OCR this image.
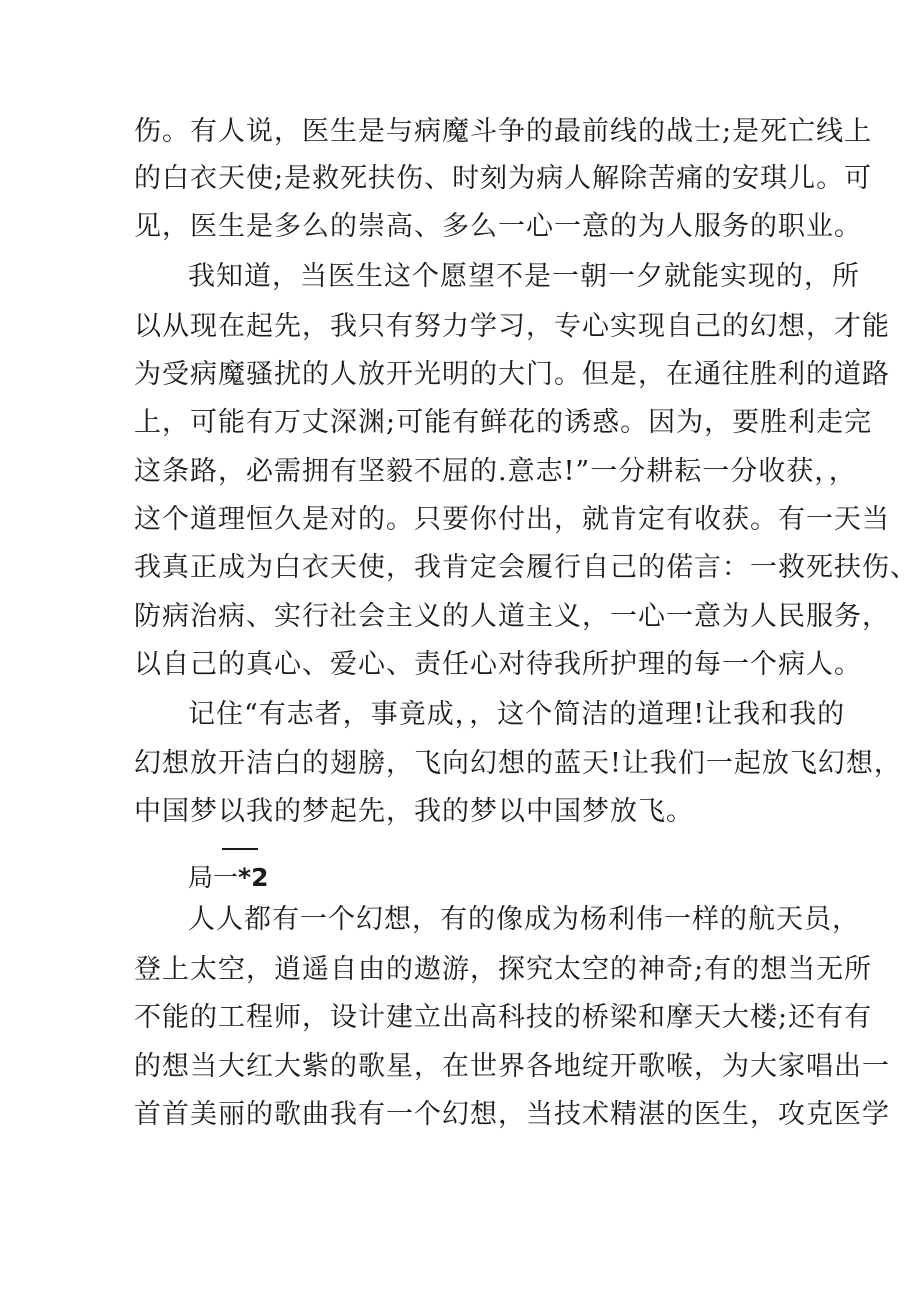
伤。有人说，医生是与病魔斗争的最前线的战士;是死亡线上
的白衣天使;是救死扶伤、时刻为病人解除苦痛的安琪儿。可
见，医生是多么的崇高、多么一心一意的为人服务的职业。
我知道，当医生这个愿望不是一朝一夕就能实现的，所
以从现在起先，我只有努力学习，专心实现自己的幻想，才能
为受病魔骚扰的人放开光明的大门。但是，在通往胜利的道路
上，可能有万丈深渊;可能有鲜花的诱惑。因为，要胜利走完
这条路，必需拥有坚毅不屈的.意志!”一分耕耘一分收获，，
这个道理恒久是对的。只要你付出，就肯定有收获。有一天当
我真正成为白衣天使，我肯定会履行自己的偌言：一救死扶伤、
防病治病、实行社会主义的人道主义，一心一意为人民服务，
以自己的真心、爱心、责任心对待我所护理的每一个病人。
记住“有志者，事竟成，，这个简洁的道理!让我和我的
幻想放开洁白的翅膀，飞向幻想的蓝天!让我们一起放飞幻想，
中国梦以我的梦起先，我的梦以中国梦放飞。
局一*2
人人都有一个幻想，有的像成为杨利伟一样的航天员，
登上太空，逍遥自由的遨游，探究太空的神奇;有的想当无所
不能的工程师，设计建立出高科技的桥梁和摩天大楼;还有有
的想当大红大紫的歌星，在世界各地绽开歌喉，为大家唱出一
首首美丽的歌曲我有一个幻想，当技术精湛的医生，攻克医学
